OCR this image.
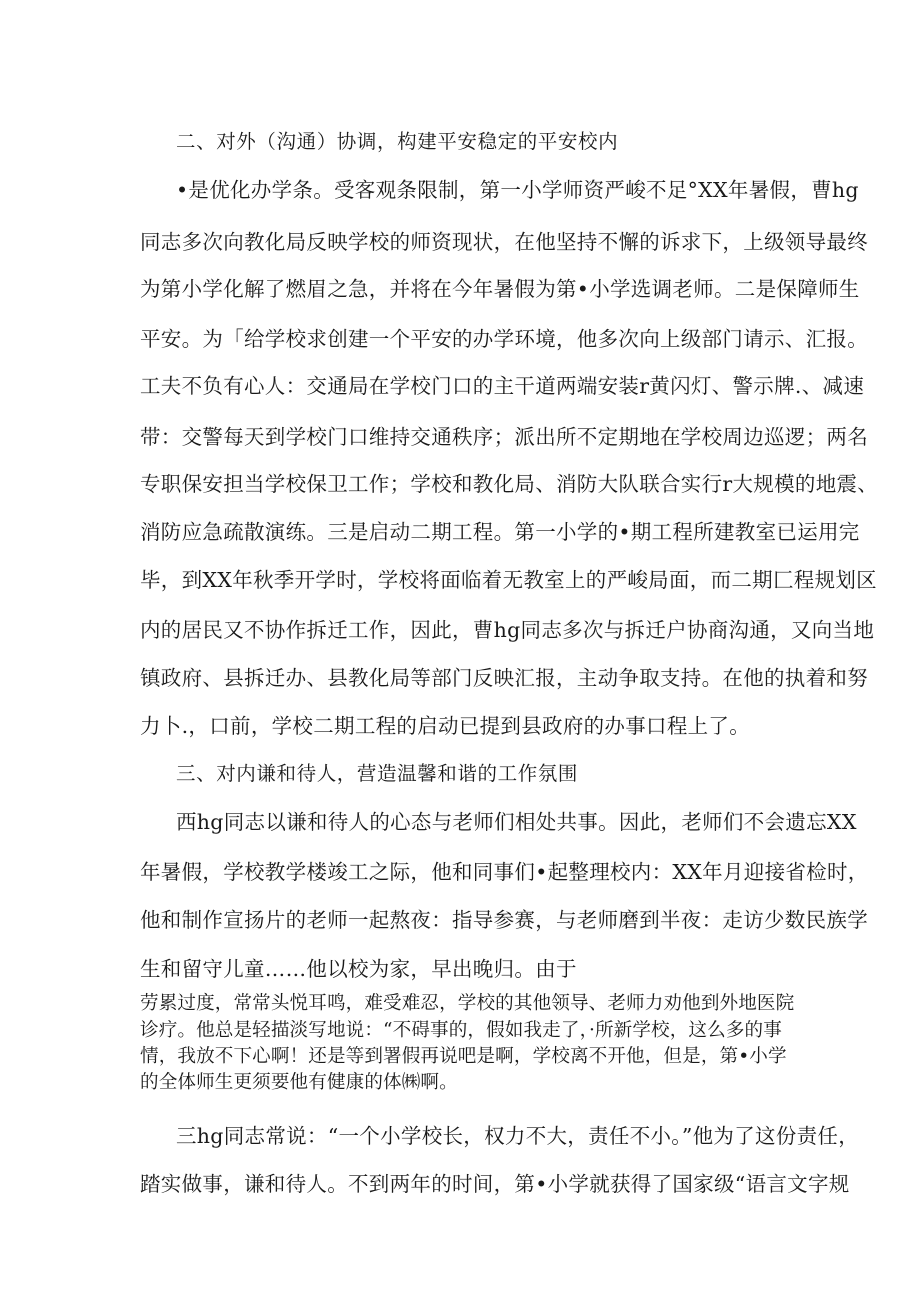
二、对外（沟通）协调，构建平安稳定的平安校内
•是优化办学条。受客观条限制，第一小学师资严峻不足°XX年暑假，曹hg
同志多次向教化局反映学校的师资现状，在他坚持不懈的诉求下，上级领导最终
为第小学化解了燃眉之急，并将在今年暑假为第•小学选调老师。二是保障师生
平安。为「给学校求创建一个平安的办学环境，他多次向上级部门请示、汇报。
工夫不负有心人：交通局在学校门口的主干道两端安装r黄闪灯、警示牌.、减速
带：交警每天到学校门口维持交通秩序；派出所不定期地在学校周边巡逻；两名
专职保安担当学校保卫工作；学校和教化局、消防大队联合实行r大规模的地震、
消防应急疏散演练。三是启动二期工程。第一小学的•期工程所建教室已运用完
毕，到XX年秋季开学时，学校将面临着无教室上的严峻局面，而二期匚程规划区
内的居民又不协作拆迁工作，因此，曹hg同志多次与拆迁户协商沟通，又向当地
镇政府、县拆迁办、县教化局等部门反映汇报，主动争取支持。在他的执着和努
力卜.，口前，学校二期工程的启动已提到县政府的办事口程上了。
三、对内谦和待人，营造温馨和谐的工作氛围
西hg同志以谦和待人的心态与老师们相处共事。因此，老师们不会遗忘XX
年暑假，学校教学楼竣工之际，他和同事们•起整理校内：XX年月迎接省检时，
他和制作宣扬片的老师一起熬夜：指导参赛，与老师磨到半夜：走访少数民族学
生和留守儿童……他以校为家，早出晚归。由于
劳累过度，常常头悦耳鸣，难受难忍，学校的其他领导、老师力劝他到外地医院
诊疗。他总是轻描淡写地说：“不碍事的，假如我走了，·所新学校，这么多的事
情，我放不下心啊！还是等到署假再说吧是啊，学校离不开他，但是，第•小学
的全体师生更须要他有健康的体㈱啊。
三hg同志常说：“一个小学校长，权力不大，责任不小。”他为了这份责任，
踏实做事，谦和待人。不到两年的时间，第•小学就获得了国家级“语言文字规
